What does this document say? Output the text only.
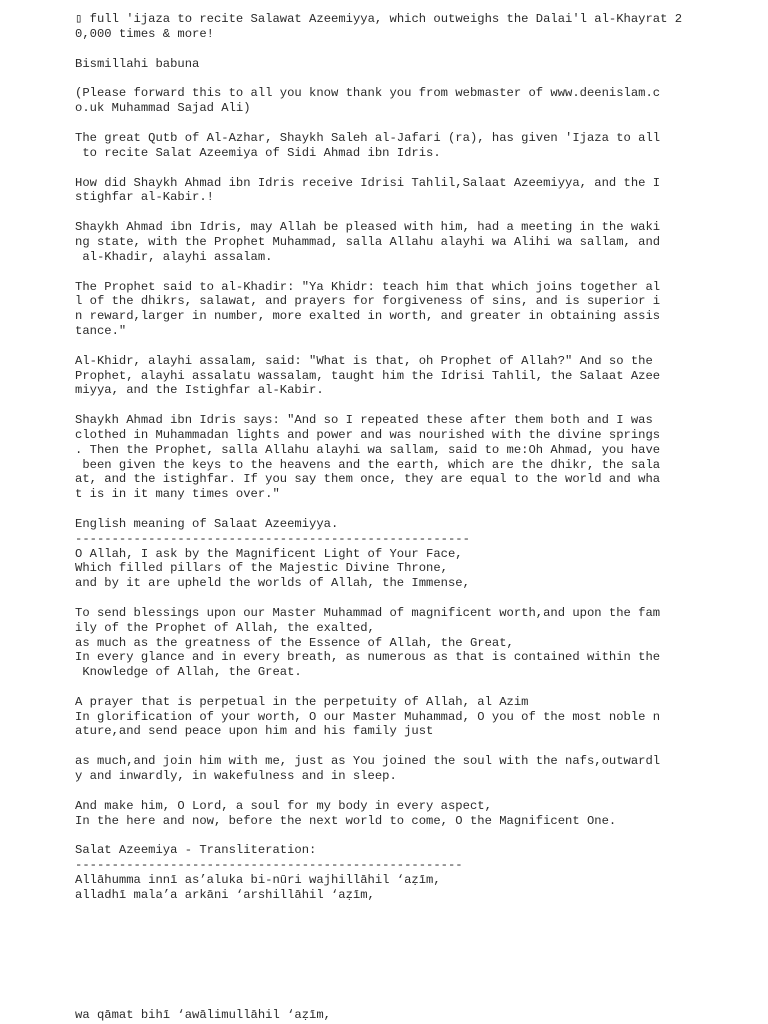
▯ full 'ijaza to recite Salawat Azeemiyya, which outweighs the Dalai'l al-Khayrat 2
0,000 times & more!
Bismillahi babuna
(Please forward this to all you know thank you from webmaster of www.deenislam.c
o.uk Muhammad Sajad Ali)
The great Qutb of Al-Azhar, Shaykh Saleh al-Jafari (ra), has given 'Ijaza to all
to recite Salat Azeemiya of Sidi Ahmad ibn Idris.
How did Shaykh Ahmad ibn Idris receive Idrisi Tahlil,Salaat Azeemiyya, and the I
stighfar al-Kabir.!
Shaykh Ahmad ibn Idris, may Allah be pleased with him, had a meeting in the waki
ng state, with the Prophet Muhammad, salla Allahu alayhi wa Alihi wa sallam, and
al-Khadir, alayhi assalam.
The Prophet said to al-Khadir: "Ya Khidr: teach him that which joins together al
l of the dhikrs, salawat, and prayers for forgiveness of sins, and is superior i
n reward,larger in number, more exalted in worth, and greater in obtaining assis
tance."
Al-Khidr, alayhi assalam, said: "What is that, oh Prophet of Allah?" And so the
Prophet, alayhi assalatu wassalam, taught him the Idrisi Tahlil, the Salaat Azee
miyya, and the Istighfar al-Kabir.
Shaykh Ahmad ibn Idris says: "And so I repeated these after them both and I was
clothed in Muhammadan lights and power and was nourished with the divine springs
. Then the Prophet, salla Allahu alayhi wa sallam, said to me:Oh Ahmad, you have
been given the keys to the heavens and the earth, which are the dhikr, the sala
at, and the istighfar. If you say them once, they are equal to the world and wha
t is in it many times over."
English meaning of Salaat Azeemiyya.
------------------------------------------------------
O Allah, I ask by the Magnificent Light of Your Face,
Which filled pillars of the Majestic Divine Throne,
and by it are upheld the worlds of Allah, the Immense,
To send blessings upon our Master Muhammad of magnificent worth,and upon the fam
ily of the Prophet of Allah, the exalted,
as much as the greatness of the Essence of Allah, the Great,
In every glance and in every breath, as numerous as that is contained within the
Knowledge of Allah, the Great.
A prayer that is perpetual in the perpetuity of Allah, al Azim
In glorification of your worth, O our Master Muhammad, O you of the most noble n
ature,and send peace upon him and his family just
as much,and join him with me, just as You joined the soul with the nafs,outwardl
y and inwardly, in wakefulness and in sleep.
And make him, O Lord, a soul for my body in every aspect,
In the here and now, before the next world to come, O the Magnificent One.
Salat Azeemiya - Transliteration:
-----------------------------------------------------
Allāhumma innī as’aluka bi-nūri wajhillāhil ‘aẓīm,
alladhī mala’a arkāni ‘arshillāhil ‘aẓīm,
wa qāmat bihī ‘awālimullāhil ‘aẓīm,
